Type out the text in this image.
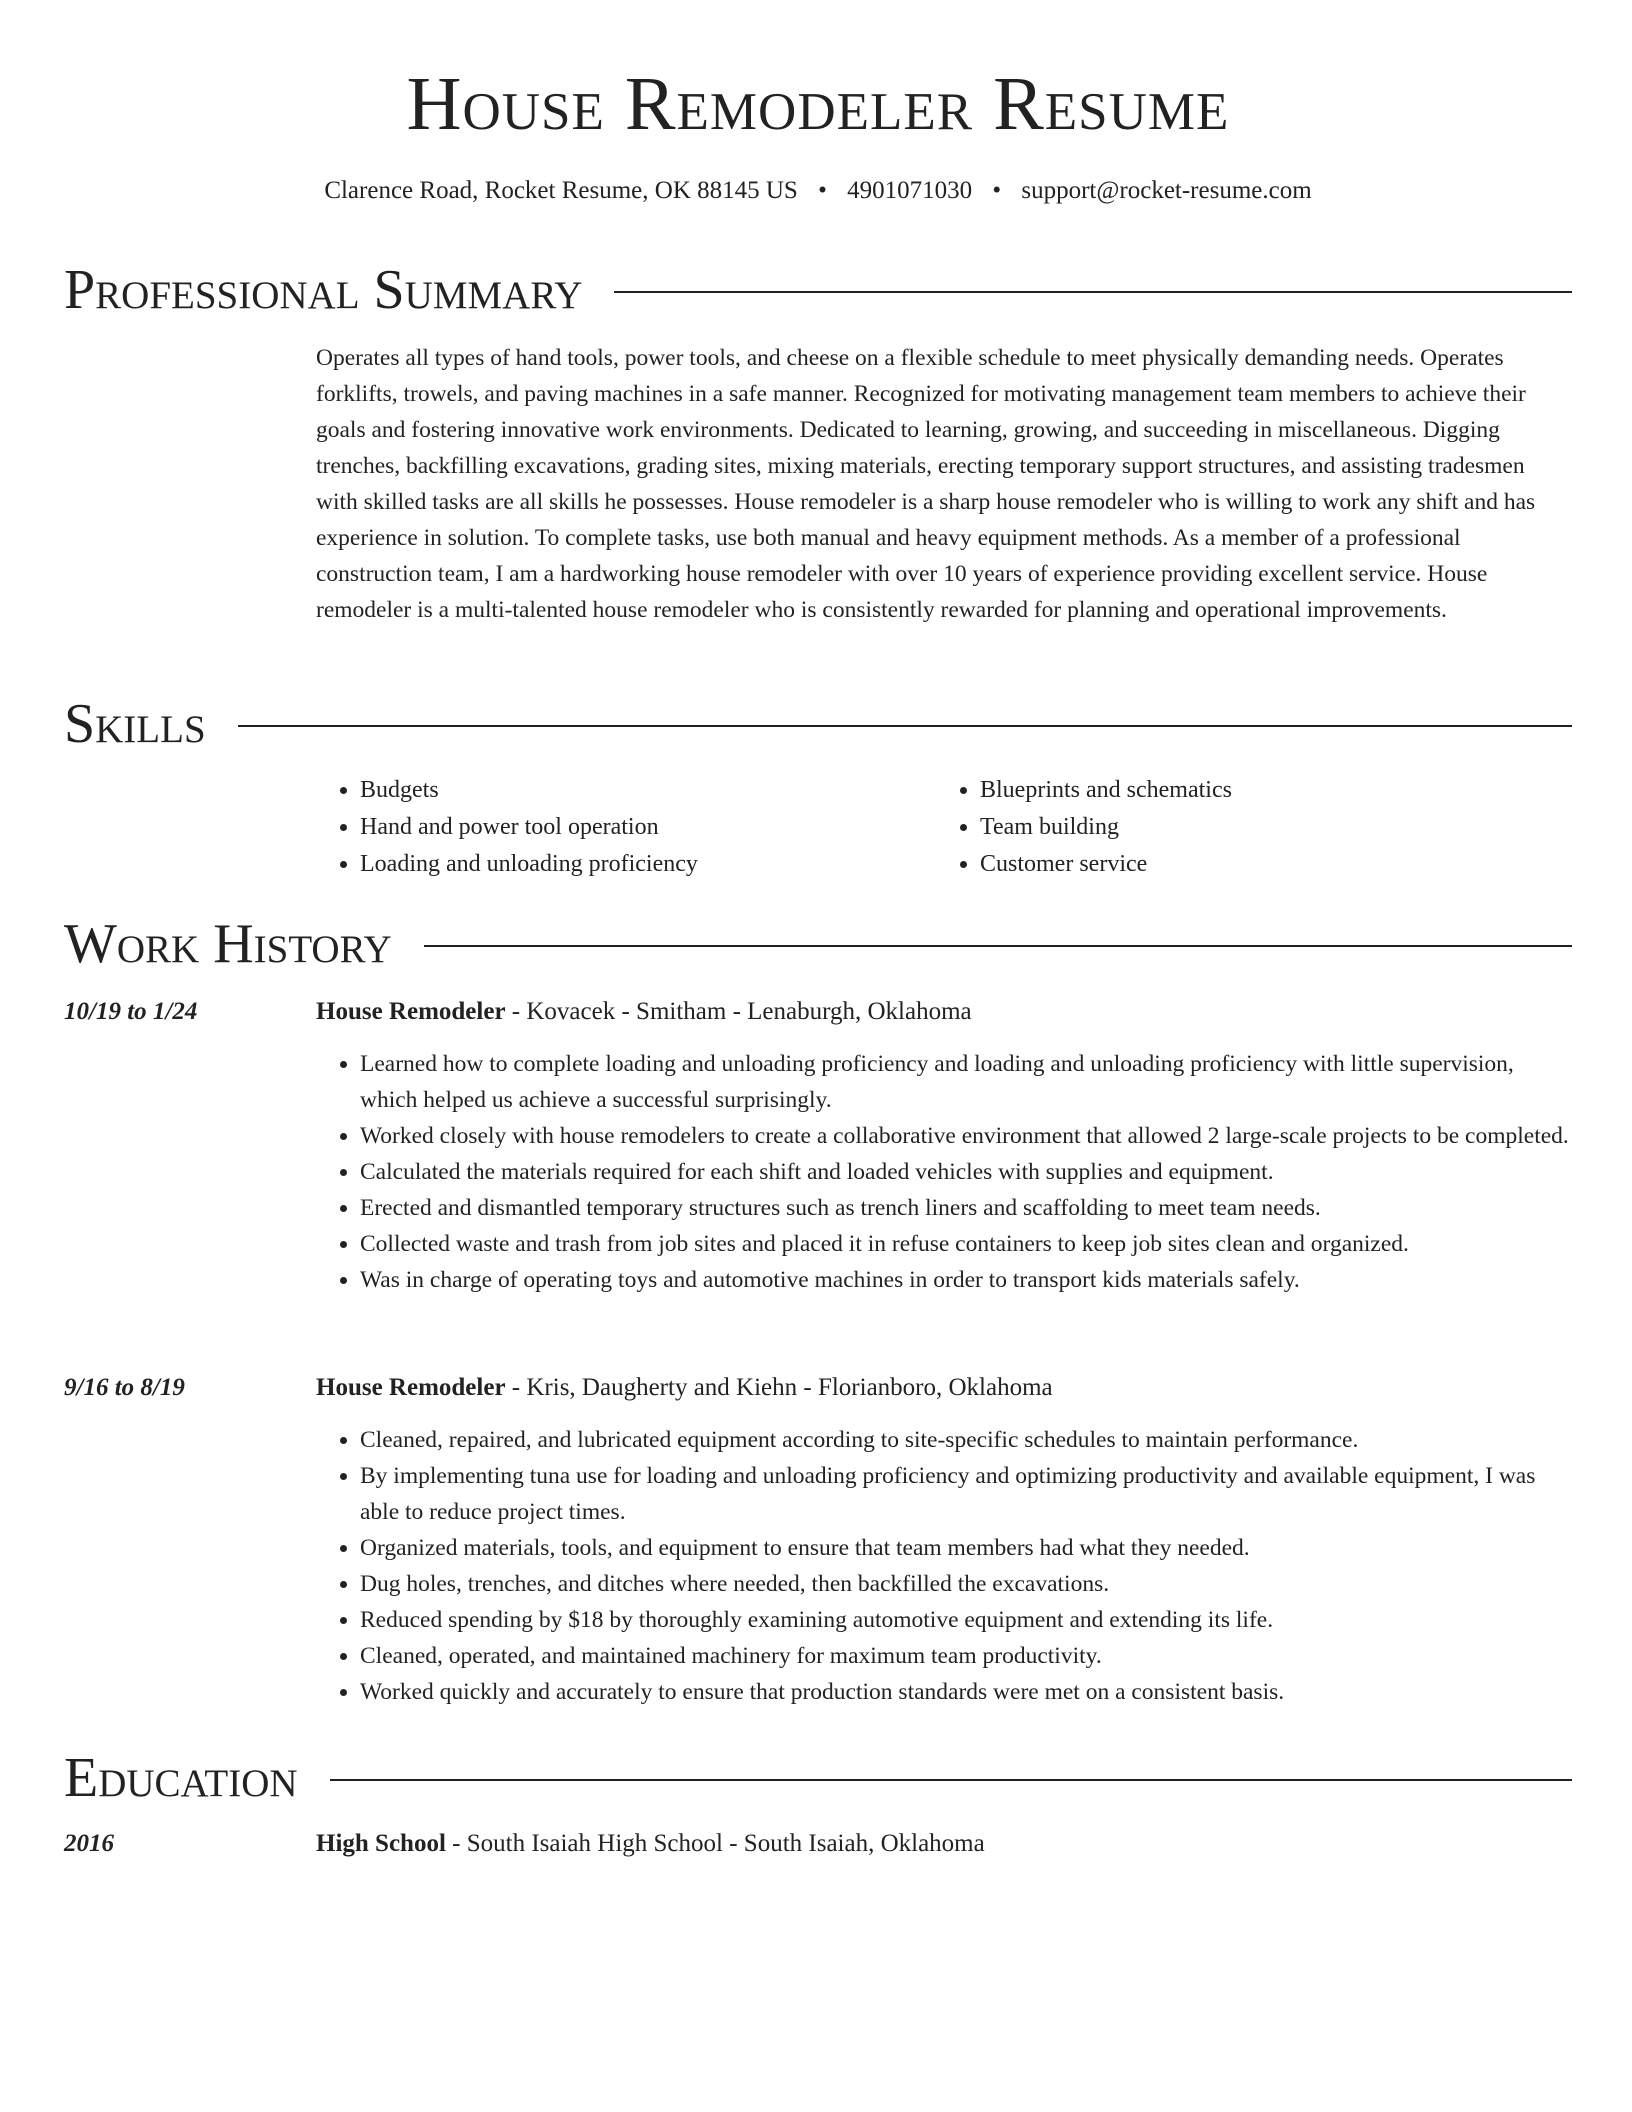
House Remodeler Resume
Clarence Road, Rocket Resume, OK 88145 US • 4901071030 • support@rocket-resume.com
Professional Summary

Operates all types of hand tools, power tools, and cheese on a flexible schedule to meet physically demanding needs. Operates forklifts, trowels, and paving machines in a safe manner. Recognized for motivating management team members to achieve their goals and fostering innovative work environments. Dedicated to learning, growing, and succeeding in miscellaneous. Digging trenches, backfilling excavations, grading sites, mixing materials, erecting temporary support structures, and assisting tradesmen with skilled tasks are all skills he possesses. House remodeler is a sharp house remodeler who is willing to work any shift and has experience in solution. To complete tasks, use both manual and heavy equipment methods. As a member of a professional construction team, I am a hardworking house remodeler with over 10 years of experience providing excellent service. House remodeler is a multi-talented house remodeler who is consistently rewarded for planning and operational improvements.

Skills
• Budgets
• Hand and power tool operation
• Loading and unloading proficiency
• Blueprints and schematics
• Team building
• Customer service
Work History
10/19 to 1/24	House Remodeler - Kovacek - Smitham - Lenaburgh, Oklahoma
• Learned how to complete loading and unloading proficiency and loading and unloading proficiency with little supervision, which helped us achieve a successful surprisingly.
• Worked closely with house remodelers to create a collaborative environment that allowed 2 large-scale projects to be completed.
• Calculated the materials required for each shift and loaded vehicles with supplies and equipment.
• Erected and dismantled temporary structures such as trench liners and scaffolding to meet team needs.
• Collected waste and trash from job sites and placed it in refuse containers to keep job sites clean and organized.
• Was in charge of operating toys and automotive machines in order to transport kids materials safely.
9/16 to 8/19	House Remodeler - Kris, Daugherty and Kiehn - Florianboro, Oklahoma
• Cleaned, repaired, and lubricated equipment according to site-specific schedules to maintain performance.
• By implementing tuna use for loading and unloading proficiency and optimizing productivity and available equipment, I was able to reduce project times.
• Organized materials, tools, and equipment to ensure that team members had what they needed.
• Dug holes, trenches, and ditches where needed, then backfilled the excavations.
• Reduced spending by $18 by thoroughly examining automotive equipment and extending its life.
• Cleaned, operated, and maintained machinery for maximum team productivity.
• Worked quickly and accurately to ensure that production standards were met on a consistent basis.
Education
2016	High School - South Isaiah High School - South Isaiah, Oklahoma
